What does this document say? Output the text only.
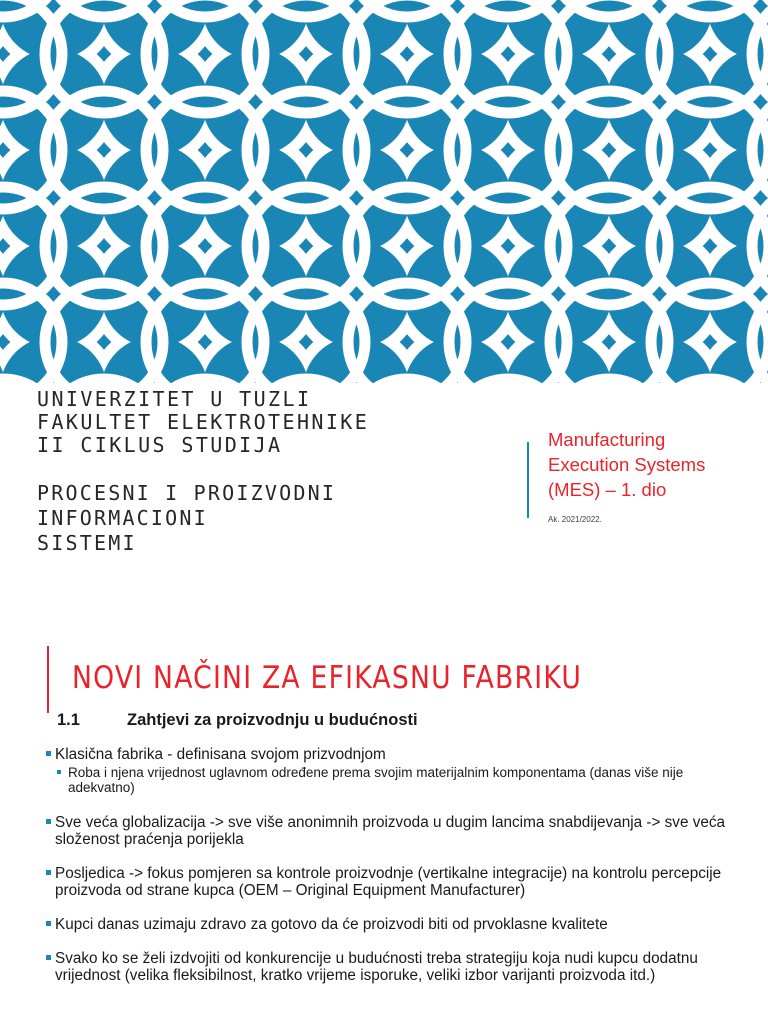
UNIVERZITET U TUZLI
FAKULTET ELEKTROTEHNIKE
II CIKLUS STUDIJA
PROCESNI I PROIZVODNI INFORMACIONI
SISTEMI
Manufacturing
Execution Systems
(MES) – 1. dio
Ak. 2021/2022.
NOVI NAČINI ZA EFIKASNU FABRIKU
1.1	Zahtjevi za proizvodnju u budućnosti
Klasična fabrika - definisana svojom prizvodnjom
Roba i njena vrijednost uglavnom određene prema svojim materijalnim komponentama (danas više nije adekvatno)
Sve veća globalizacija -> sve više anonimnih proizvoda u dugim lancima snabdijevanja -> sve veća složenost praćenja porijekla
Posljedica -> fokus pomjeren sa kontrole proizvodnje (vertikalne integracije) na kontrolu percepcije proizvoda od strane kupca (OEM – Original Equipment Manufacturer)
Kupci danas uzimaju zdravo za gotovo da će proizvodi biti od prvoklasne kvalitete
Svako ko se želi izdvojiti od konkurencije u budućnosti treba strategiju koja nudi kupcu dodatnu vrijednost (velika fleksibilnost, kratko vrijeme isporuke, veliki izbor varijanti proizvoda itd.)
